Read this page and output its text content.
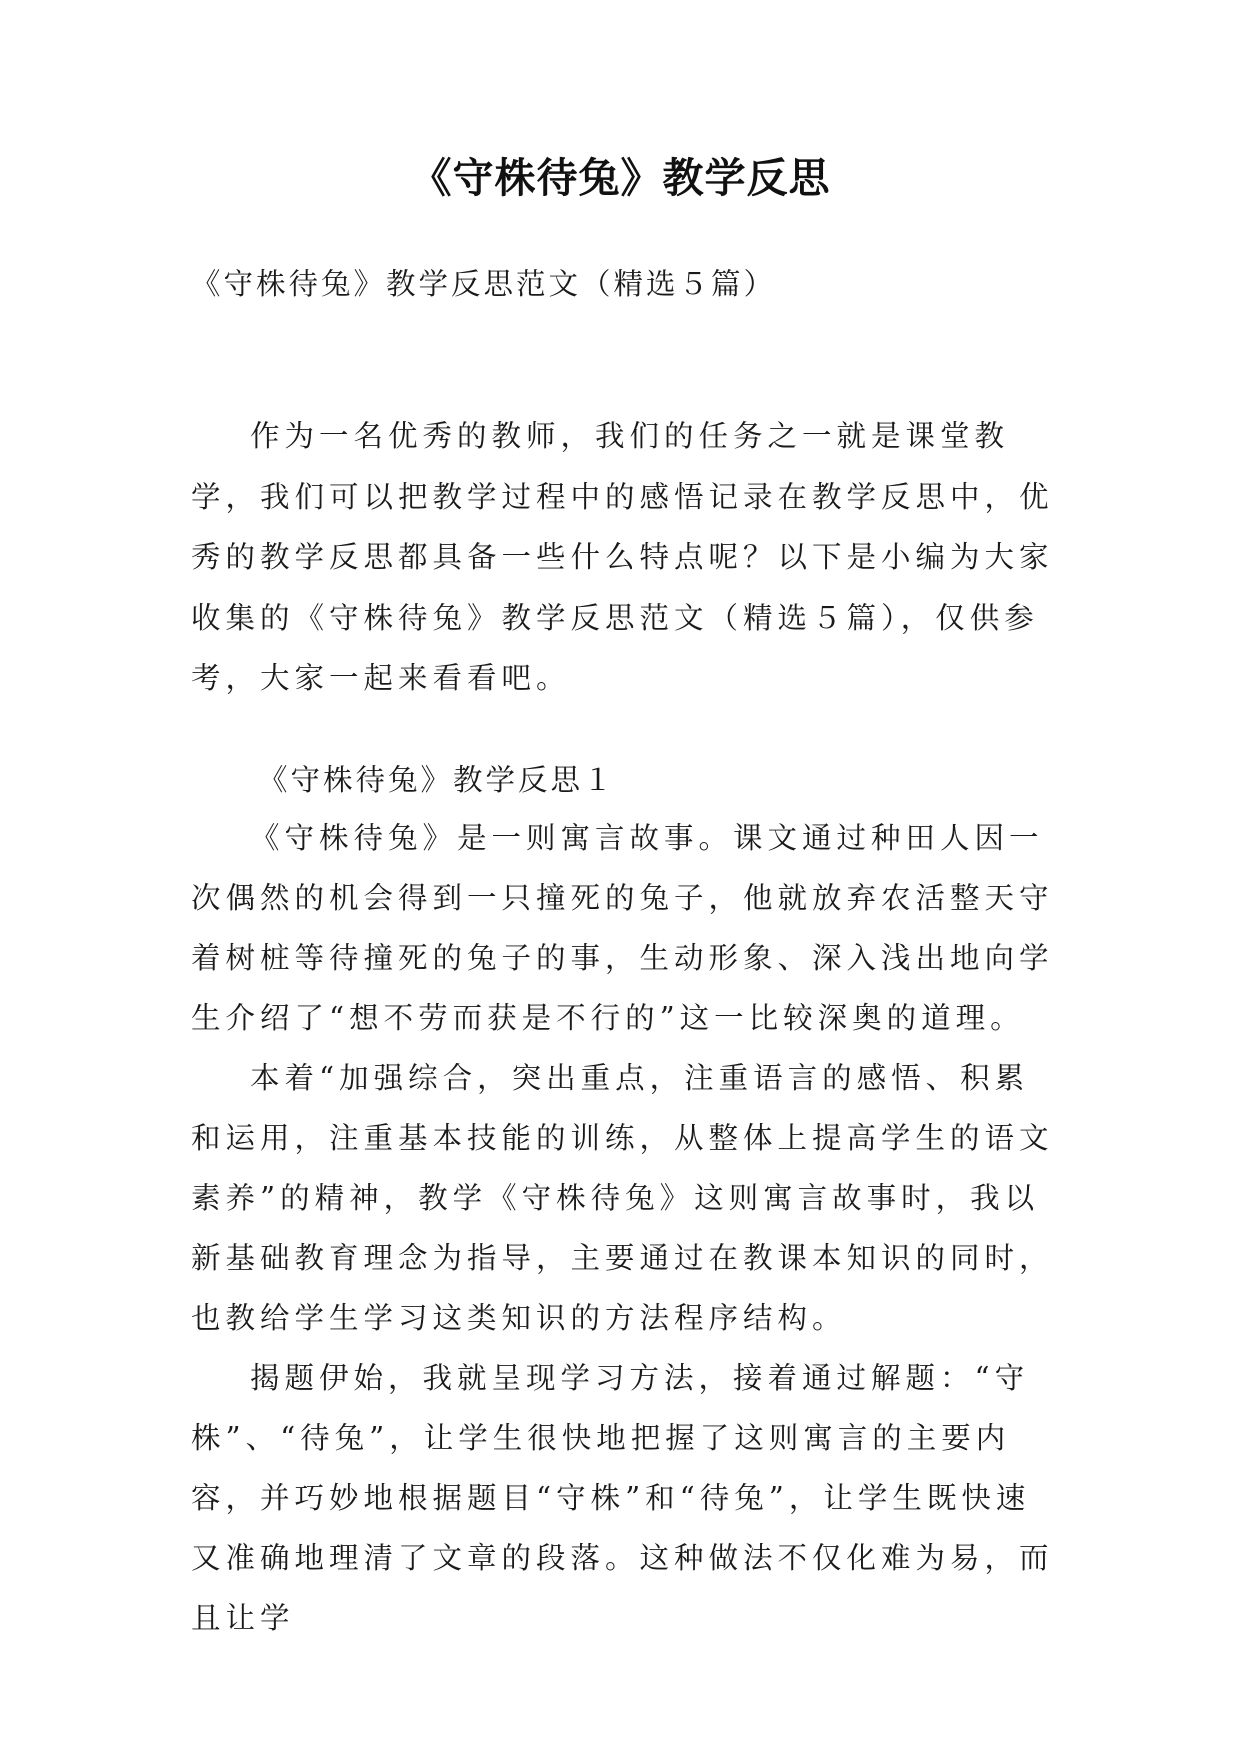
《守株待兔》教学反思
《守株待兔》教学反思范文（精选５篇）

作为一名优秀的教师，我们的任务之一就是课堂教学，我们可以把教学过程中的感悟记录在教学反思中，优秀的教学反思都具备一些什么特点呢？以下是小编为大家收集的《守株待兔》教学反思范文（精选５篇），仅供参考，大家一起来看看吧。

《守株待兔》教学反思１

《守株待兔》是一则寓言故事。课文通过种田人因一次偶然的机会得到一只撞死的兔子，他就放弃农活整天守着树桩等待撞死的兔子的事，生动形象、深入浅出地向学生介绍了“想不劳而获是不行的”这一比较深奥的道理。

本着“加强综合，突出重点，注重语言的感悟、积累和运用，注重基本技能的训练，从整体上提高学生的语文素养”的精神，教学《守株待兔》这则寓言故事时，我以新基础教育理念为指导，主要通过在教课本知识的同时，也教给学生学习这类知识的方法程序结构。

揭题伊始，我就呈现学习方法，接着通过解题：“守株”、“待兔”，让学生很快地把握了这则寓言的主要内容，并巧妙地根据题目“守株”和“待兔”，让学生既快速又准确地理清了文章的段落。这种做法不仅化难为易，而且让学
